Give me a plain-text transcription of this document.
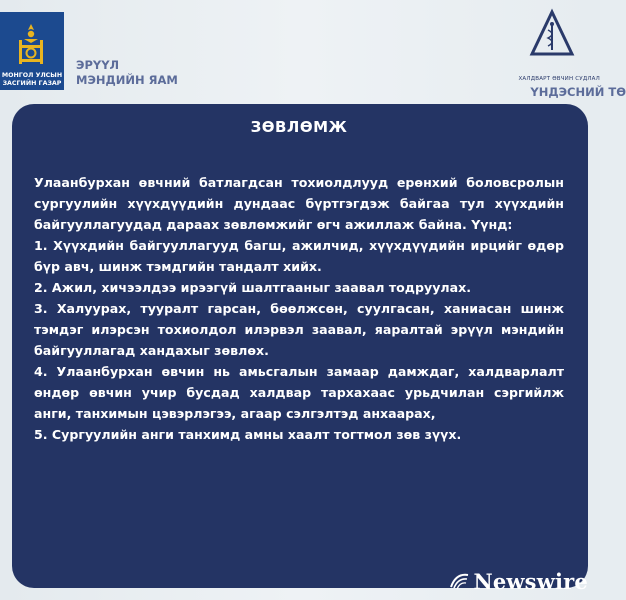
МОНГОЛ УЛСЫН
ЗАСГИЙН ГАЗАР
ЭРҮҮЛ
МЭНДИЙН ЯАМ	ХАЛДВАРТ ӨВЧИН СУДЛАЛ
ҮНДЭСНИЙ ТӨ
ЗӨВЛӨМЖ

Улаанбурхан өвчний батлагдсан тохиолдлууд ерөнхий боловсролын сургуулийн хүүхдүүдийн дундаас бүртгэгдэж байгаа тул хүүхдийн байгууллагуудад дараах зөвлөмжийг өгч ажиллаж байна. Үүнд:

1. Хүүхдийн байгууллагууд багш, ажилчид, хүүхдүүдийн ирцийг өдөр бүр авч, шинж тэмдгийн тандалт хийх.

2. Ажил, хичээлдээ ирээгүй шалтгааныг заавал тодруулах.

3. Халуурах, тууралт гарсан, бөөлжсөн, суулгасан, ханиасан шинж тэмдэг илэрсэн тохиолдол илэрвэл заавал, яаралтай эрүүл мэндийн байгууллагад хандахыг зөвлөх.

4. Улаанбурхан өвчин нь амьсгалын замаар дамждаг, халдварлалт өндөр өвчин учир бусдад халдвар тархахаас урьдчилан сэргийлж анги, танхимын цэвэрлэгээ, агаар сэлгэлтэд анхаарах,

5. Сургуулийн анги танхимд амны хаалт тогтмол зөв зүүх.

Newswire
